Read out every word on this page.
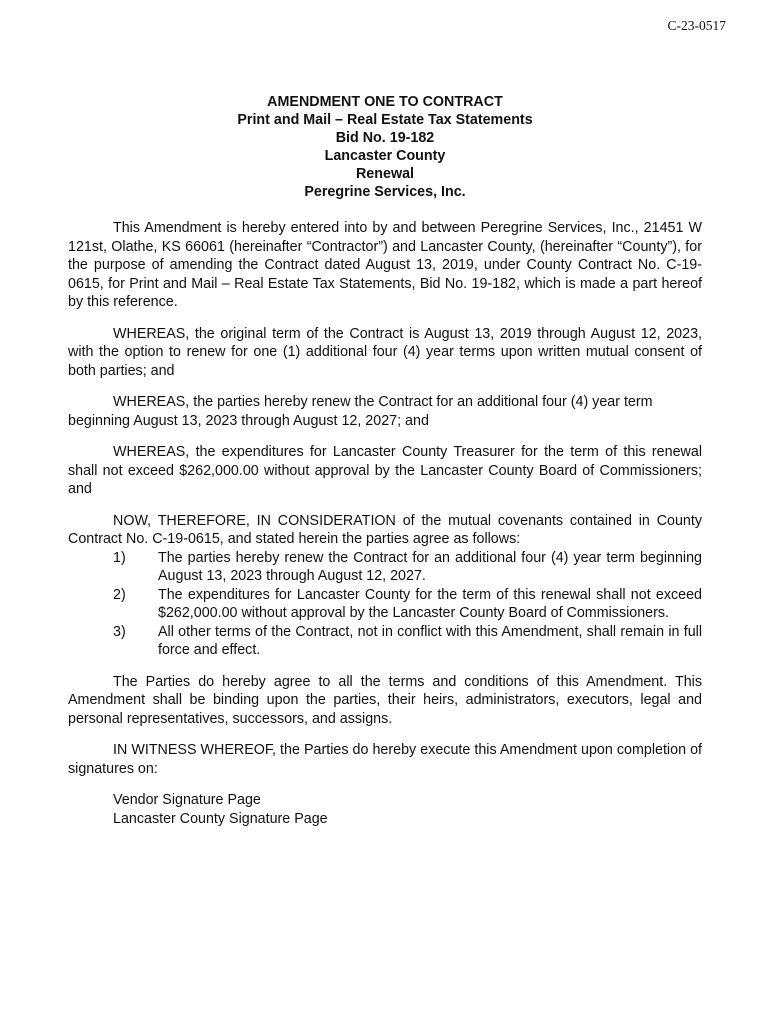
C-23-0517
AMENDMENT ONE TO CONTRACT
Print and Mail – Real Estate Tax Statements
Bid No. 19-182
Lancaster County
Renewal
Peregrine Services, Inc.

This Amendment is hereby entered into by and between Peregrine Services, Inc., 21451 W 121st, Olathe, KS 66061 (hereinafter “Contractor”) and Lancaster County, (hereinafter “County”), for the purpose of amending the Contract dated August 13, 2019, under County Contract No. C-19-0615, for Print and Mail – Real Estate Tax Statements, Bid No. 19-182, which is made a part hereof by this reference.

WHEREAS, the original term of the Contract is August 13, 2019 through August 12, 2023, with the option to renew for one (1) additional four (4) year terms upon written mutual consent of both parties; and

WHEREAS, the parties hereby renew the Contract for an additional four (4) year term beginning August 13, 2023 through August 12, 2027; and

WHEREAS, the expenditures for Lancaster County Treasurer for the term of this renewal shall not exceed $262,000.00 without approval by the Lancaster County Board of Commissioners; and

NOW, THEREFORE, IN CONSIDERATION of the mutual covenants contained in County Contract No. C-19-0615, and stated herein the parties agree as follows:

1)	The parties hereby renew the Contract for an additional four (4) year term beginning August 13, 2023 through August 12, 2027.
2)	The expenditures for Lancaster County for the term of this renewal shall not exceed $262,000.00 without approval by the Lancaster County Board of Commissioners.
3)	All other terms of the Contract, not in conflict with this Amendment, shall remain in full force and effect.

The Parties do hereby agree to all the terms and conditions of this Amendment. This Amendment shall be binding upon the parties, their heirs, administrators, executors, legal and personal representatives, successors, and assigns.

IN WITNESS WHEREOF, the Parties do hereby execute this Amendment upon completion of signatures on:

Vendor Signature Page
Lancaster County Signature Page
